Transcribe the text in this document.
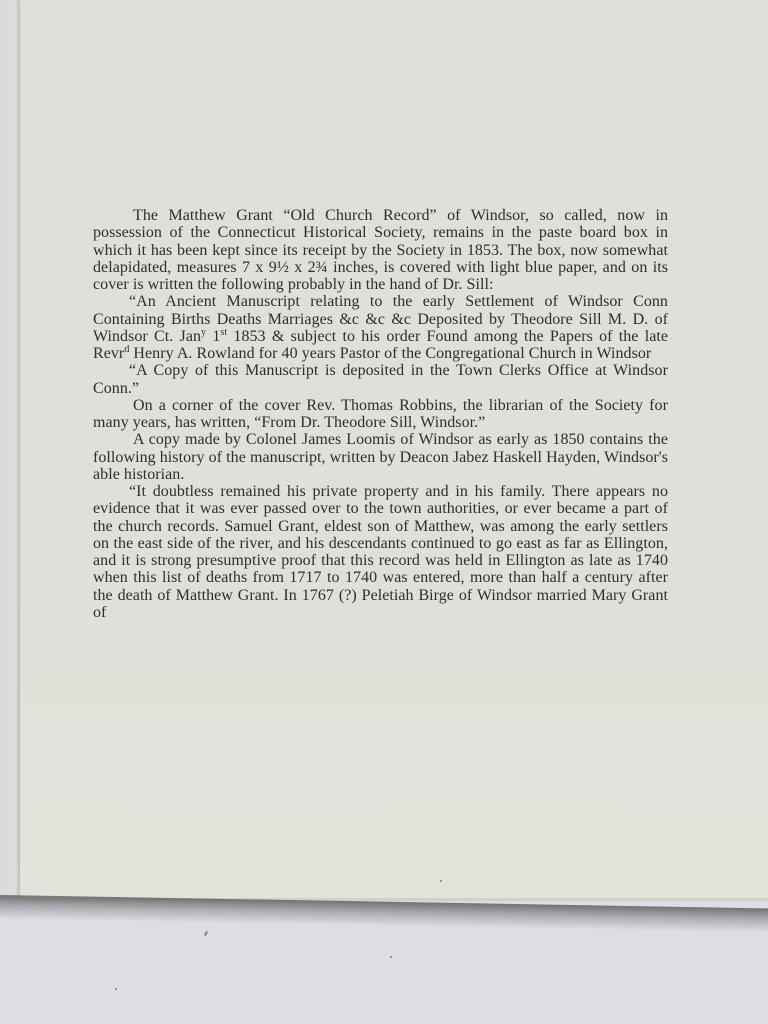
The Matthew Grant “Old Church Record” of Windsor, so called, now in possession of the Connecticut Historical Society, remains in the paste board box in which it has been kept since its receipt by the Society in 1853. The box, now somewhat delapidated, measures 7 x 9½ x 2¾ inches, is covered with light blue paper, and on its cover is written the following probably in the hand of Dr. Sill:

“An Ancient Manuscript relating to the early Settlement of Windsor Conn Containing Births Deaths Marriages &c &c &c Deposited by Theodore Sill M. D. of Windsor Ct. Jan$^y$ 1st 1853 & subject to his order Found among the Papers of the late Revr$^d$ Henry A. Rowland for 40 years Pastor of the Congregational Church in Windsor

“A Copy of this Manuscript is deposited in the Town Clerks Office at Windsor Conn.”

On a corner of the cover Rev. Thomas Robbins, the librarian of the Society for many years, has written, “From Dr. Theodore Sill, Windsor.”

A copy made by Colonel James Loomis of Windsor as early as 1850 contains the following history of the manuscript, written by Deacon Jabez Haskell Hayden, Windsor's able historian.

“It doubtless remained his private property and in his family. There appears no evidence that it was ever passed over to the town authorities, or ever became a part of the church records. Samuel Grant, eldest son of Matthew, was among the early settlers on the east side of the river, and his descendants continued to go east as far as Ellington, and it is strong presumptive proof that this record was held in Ellington as late as 1740 when this list of deaths from 1717 to 1740 was entered, more than half a century after the death of Matthew Grant. In 1767 (?) Peletiah Birge of Windsor married Mary Grant of
